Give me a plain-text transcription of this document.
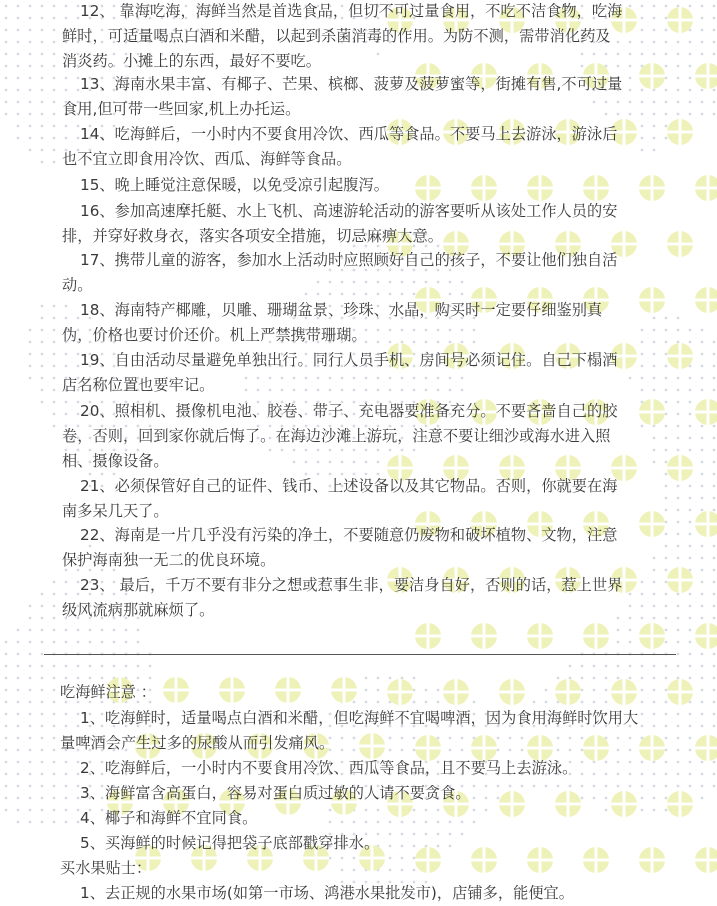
12、 靠海吃海，海鲜当然是首选食品，但切不可过量食用，不吃不洁食物，吃海
鲜时，可适量喝点白酒和米醋，以起到杀菌消毒的作用。为防不测，需带消化药及
消炎药。小摊上的东西，最好不要吃。
13、海南水果丰富、有椰子、芒果、槟榔、菠萝及菠萝蜜等，街摊有售,不可过量
食用,但可带一些回家,机上办托运。
14、吃海鲜后，一小时内不要食用冷饮、西瓜等食品。不要马上去游泳，游泳后
也不宜立即食用冷饮、西瓜、海鲜等食品。
15、晚上睡觉注意保暖，以免受凉引起腹泻。
16、参加高速摩托艇、水上飞机、高速游轮活动的游客要听从该处工作人员的安
排，并穿好救身衣，落实各项安全措施，切忌麻痹大意。
17、携带儿童的游客，参加水上活动时应照顾好自己的孩子，不要让他们独自活
动。
18、海南特产椰雕，贝雕、珊瑚盆景、珍珠、水晶，购买时一定要仔细鉴别真
伪，价格也要讨价还价。机上严禁携带珊瑚。
19、自由活动尽量避免单独出行。同行人员手机、房间号必须记住。自己下榻酒
店名称位置也要牢记。
20、照相机、摄像机电池、胶卷、带子、充电器要准备充分。不要吝啬自己的胶
卷，否则，回到家你就后悔了。在海边沙滩上游玩，注意不要让细沙或海水进入照
相、摄像设备。
21、必须保管好自己的证件、钱币、上述设备以及其它物品。否则，你就要在海
南多呆几天了。
22、海南是一片几乎没有污染的净土，不要随意仍废物和破坏植物、文物，注意
保护海南独一无二的优良环境。
23、 最后，千万不要有非分之想或惹事生非，要洁身自好，否则的话，惹上世界
级风流病那就麻烦了。
吃海鲜注意 ：
1、吃海鲜时，适量喝点白酒和米醋，但吃海鲜不宜喝啤酒，因为食用海鲜时饮用大
量啤酒会产生过多的尿酸从而引发痛风。
2、吃海鲜后，一小时内不要食用冷饮、西瓜等食品，且不要马上去游泳。
3、海鲜富含高蛋白，容易对蛋白质过敏的人请不要贪食。
4、椰子和海鲜不宜同食。
5、买海鲜的时候记得把袋子底部戳穿排水。
买水果贴士：
1、去正规的水果市场(如第一市场、鸿港水果批发市)，店铺多，能便宜。
